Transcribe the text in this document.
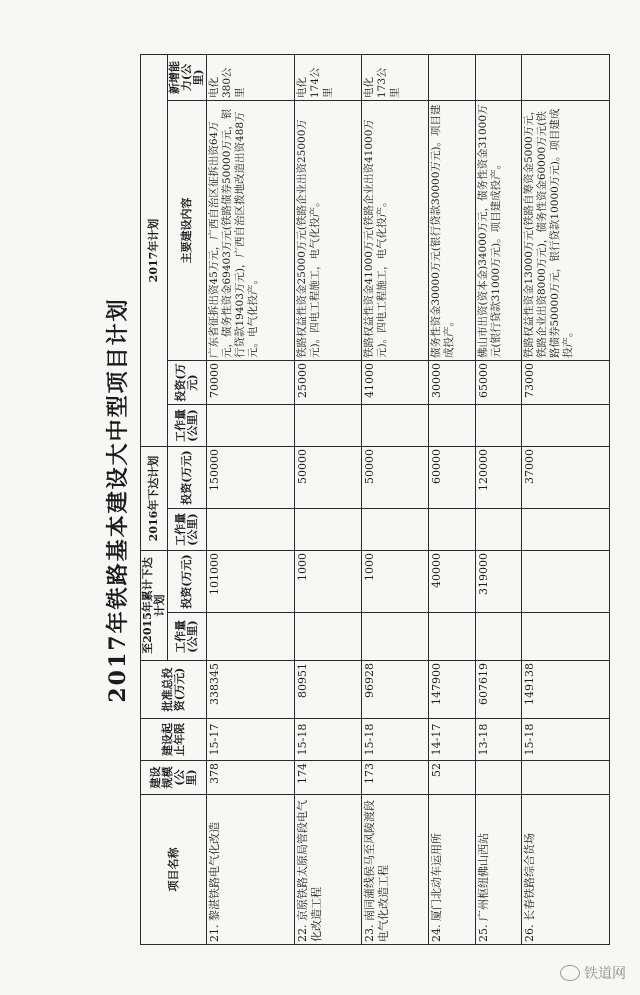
2017年铁路基本建设大中型项目计划
项目名称	建设规模(公里)	建设起止年限	批准总投资(万元)	至2015年累计下达计划		2016年下达计划		2017年计划			
				工作量(公里)	投资(万元)	工作量(公里)	投资(万元)	工作量(公里)	投资(万元)	主要建设内容	新增能力(公里)
21. 黎湛铁路电气化改造	378	15-17	338345		101000		150000		70000	广东省征拆出资45万元，广西自治区征拆出资64万元，债务性资金69403万元(铁路债券50000万元，银行贷款19403万元)，广西自治区拨地改造出资488万元。电气化投产。	电化380公里
22. 京原铁路太原局管段电气化改造工程	174	15-18	80951		1000		50000		25000	铁路权益性资金25000万元(铁路企业出资25000万元)。四电工程施工，电气化投产。	电化174公里
23. 南同蒲线侯马至风陵渡段电气化改造工程	173	15-18	96928		1000		50000		41000	铁路权益性资金41000万元(铁路企业出资41000万元)。四电工程施工，电气化投产。	电化173公里
24. 厦门北动车运用所	52	14-17	147900		40000		60000		30000	债务性资金30000万元(银行贷款30000万元)。项目建成投产。	
25. 广州枢纽佛山西站		13-18	607619		319000		120000		65000	佛山市出资(资本金)34000万元，债务性资金31000万元(银行贷款31000万元)。项目建成投产。	
26. 长春铁路综合货场		15-18	149138				37000		73000	铁路权益性资金13000万元(铁路自筹资金5000万元，铁路企业出资8000万元)，债务性资金60000万元(铁路债券50000万元，银行贷款10000万元)。项目建成投产。	
铁道网
